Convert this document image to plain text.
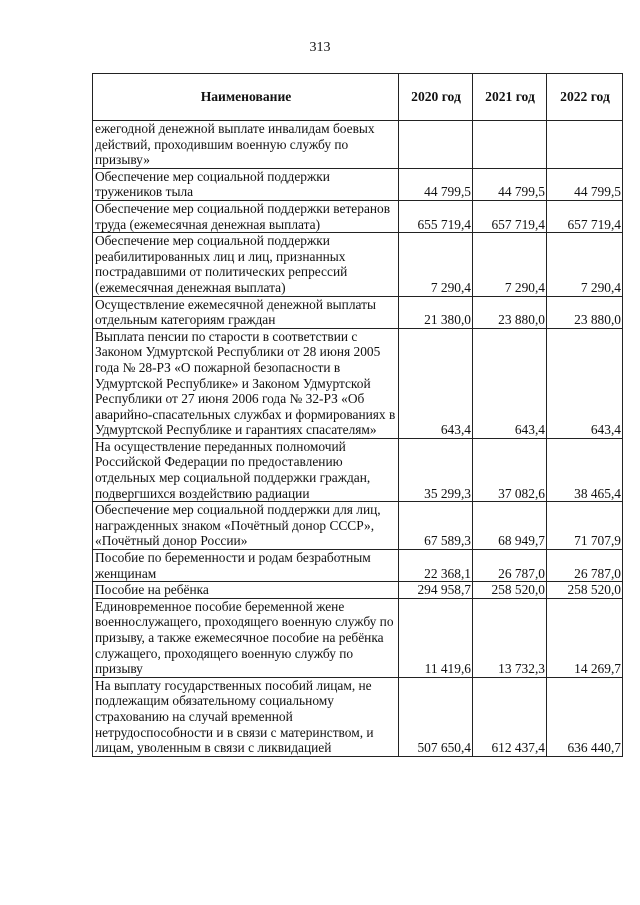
313
Наименование	2020 год	2021 год	2022 год
ежегодной денежной выплате инвалидам боевых действий, проходившим военную службу по призыву»			
Обеспечение мер социальной поддержки тружеников тыла	44 799,5	44 799,5	44 799,5
Обеспечение мер социальной поддержки ветеранов труда (ежемесячная денежная выплата)	655 719,4	657 719,4	657 719,4
Обеспечение мер социальной поддержки реабилитированных лиц и лиц, признанных пострадавшими от политических репрессий (ежемесячная денежная выплата)	7 290,4	7 290,4	7 290,4
Осуществление ежемесячной денежной выплаты отдельным категориям граждан	21 380,0	23 880,0	23 880,0
Выплата пенсии по старости в соответствии с Законом Удмуртской Республики от 28 июня 2005 года № 28-РЗ «О пожарной безопасности в Удмуртской Республике» и Законом Удмуртской Республики от 27 июня 2006 года № 32-РЗ «Об аварийно-спасательных службах и формированиях в Удмуртской Республике и гарантиях спасателям»	643,4	643,4	643,4
На осуществление переданных полномочий Российской Федерации по предоставлению отдельных мер социальной поддержки граждан, подвергшихся воздействию радиации	35 299,3	37 082,6	38 465,4
Обеспечение мер социальной поддержки для лиц, награжденных знаком «Почётный донор СССР», «Почётный донор России»	67 589,3	68 949,7	71 707,9
Пособие по беременности и родам безработным женщинам	22 368,1	26 787,0	26 787,0
Пособие на ребёнка	294 958,7	258 520,0	258 520,0
Единовременное пособие беременной жене военнослужащего, проходящего военную службу по призыву, а также ежемесячное пособие на ребёнка служащего, проходящего военную службу по призыву	11 419,6	13 732,3	14 269,7
На выплату государственных пособий лицам, не подлежащим обязательному социальному страхованию на случай временной нетрудоспособности и в связи с материнством, и лицам, уволенным в связи с ликвидацией	507 650,4	612 437,4	636 440,7
